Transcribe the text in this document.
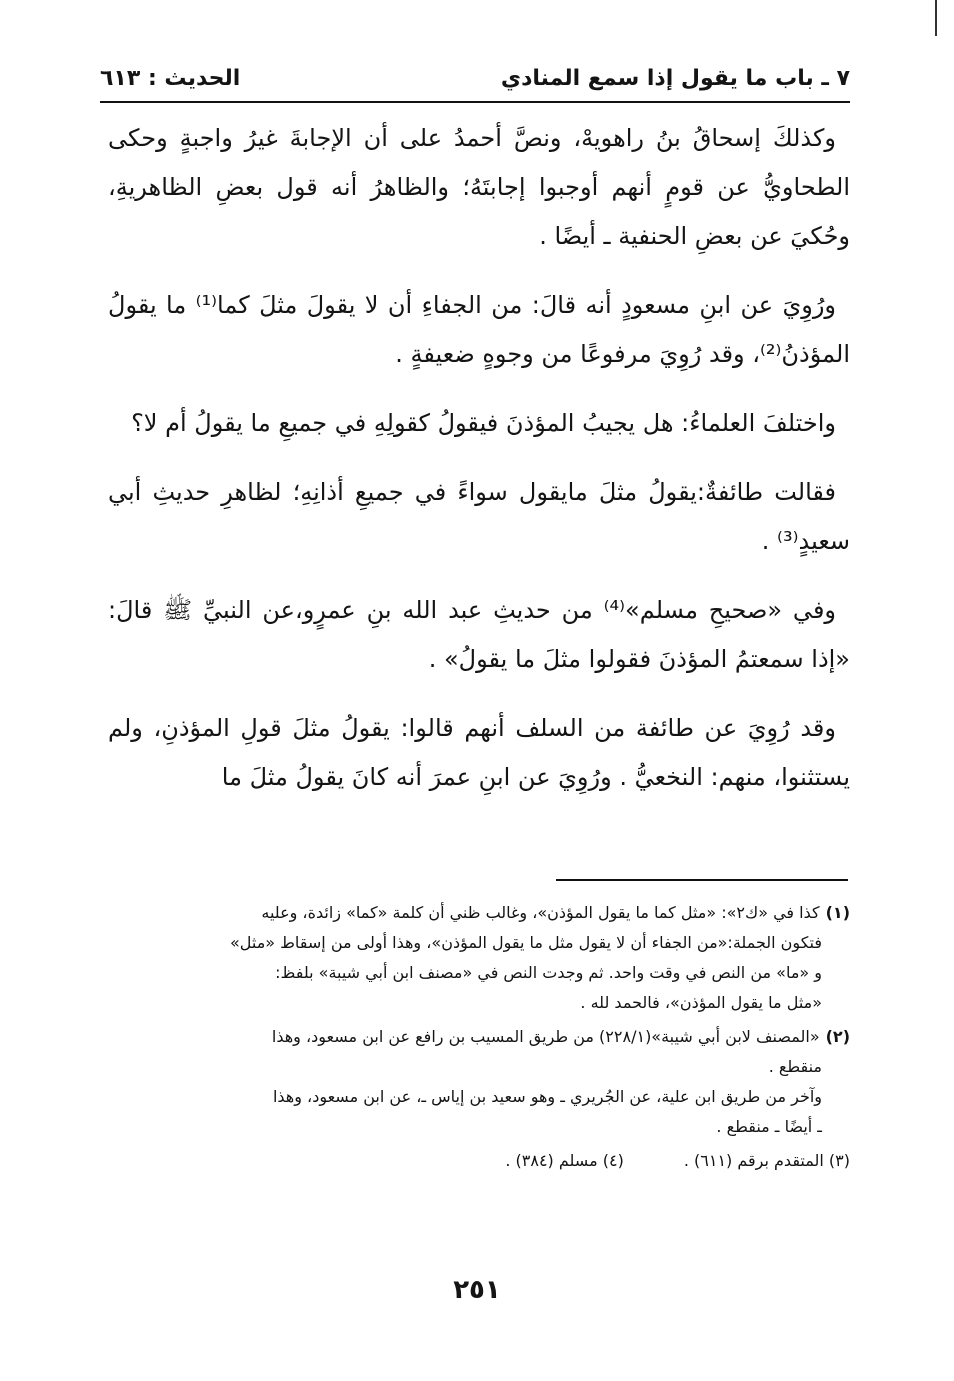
٧ ـ باب ما يقول إذا سمع المنادي
الحديث : ٦١٣

وكذلكَ إسحاقُ بنُ راهويهْ، ونصَّ أحمدُ على أن الإجابةَ غيرُ واجبةٍ وحكى الطحاويُّ عن قومٍ أنهم أوجبوا إجابتَهُ؛ والظاهرُ أنه قول بعضِ الظاهريةِ، وحُكيَ عن بعضِ الحنفية ـ أيضًا .

ورُوِيَ عن ابنِ مسعودٍ أنه قالَ: من الجفاءِ أن لا يقولَ مثلَ كما⁽¹⁾ ما يقولُ المؤذنُ⁽²⁾، وقد رُوِيَ مرفوعًا من وجوهٍ ضعيفةٍ .

واختلفَ العلماءُ: هل يجيبُ المؤذنَ فيقولُ كقولِهِ في جميعِ ما يقولُ أم لا؟

فقالت طائفةٌ:يقولُ مثلَ مايقول سواءً في جميعِ أذانِهِ؛ لظاهرِ حديثِ أبي سعيدٍ⁽³⁾ .

وفي «صحيحِ مسلم»⁽⁴⁾ من حديثِ عبد الله بنِ عمرٍو،عن النبيِّ ﷺ قالَ: «إذا سمعتمُ المؤذنَ فقولوا مثلَ ما يقولُ» .

وقد رُوِيَ عن طائفة من السلف أنهم قالوا: يقولُ مثلَ قولِ المؤذنِ، ولم يستثنوا، منهم: النخعيُّ . ورُوِيَ عن ابنِ عمرَ أنه كانَ يقولُ مثلَ ما

(١)كذا في «ك٢»: «مثل كما ما يقول المؤذن»، وغالب ظني أن كلمة «كما» زائدة، وعليه
فتكون الجملة:«من الجفاء أن لا يقول مثل ما يقول المؤذن»، وهذا أولى من إسقاط «مثل»
و «ما» من النص في وقت واحد. ثم وجدت النص في «مصنف ابن أبي شيبة» بلفظ:
«مثل ما يقول المؤذن»، فالحمد لله .
(٢)«المصنف لابن أبي شيبة»(٢٢٨/١) من طريق المسيب بن رافع عن ابن مسعود، وهذا
منقطع .
وآخر من طريق ابن علية، عن الجُريري ـ وهو سعيد بن إياس ـ، عن ابن مسعود، وهذا
ـ أيضًا ـ منقطع .
(٣) المتقدم برقم (٦١١) .
(٤) مسلم (٣٨٤) .
٢٥١
